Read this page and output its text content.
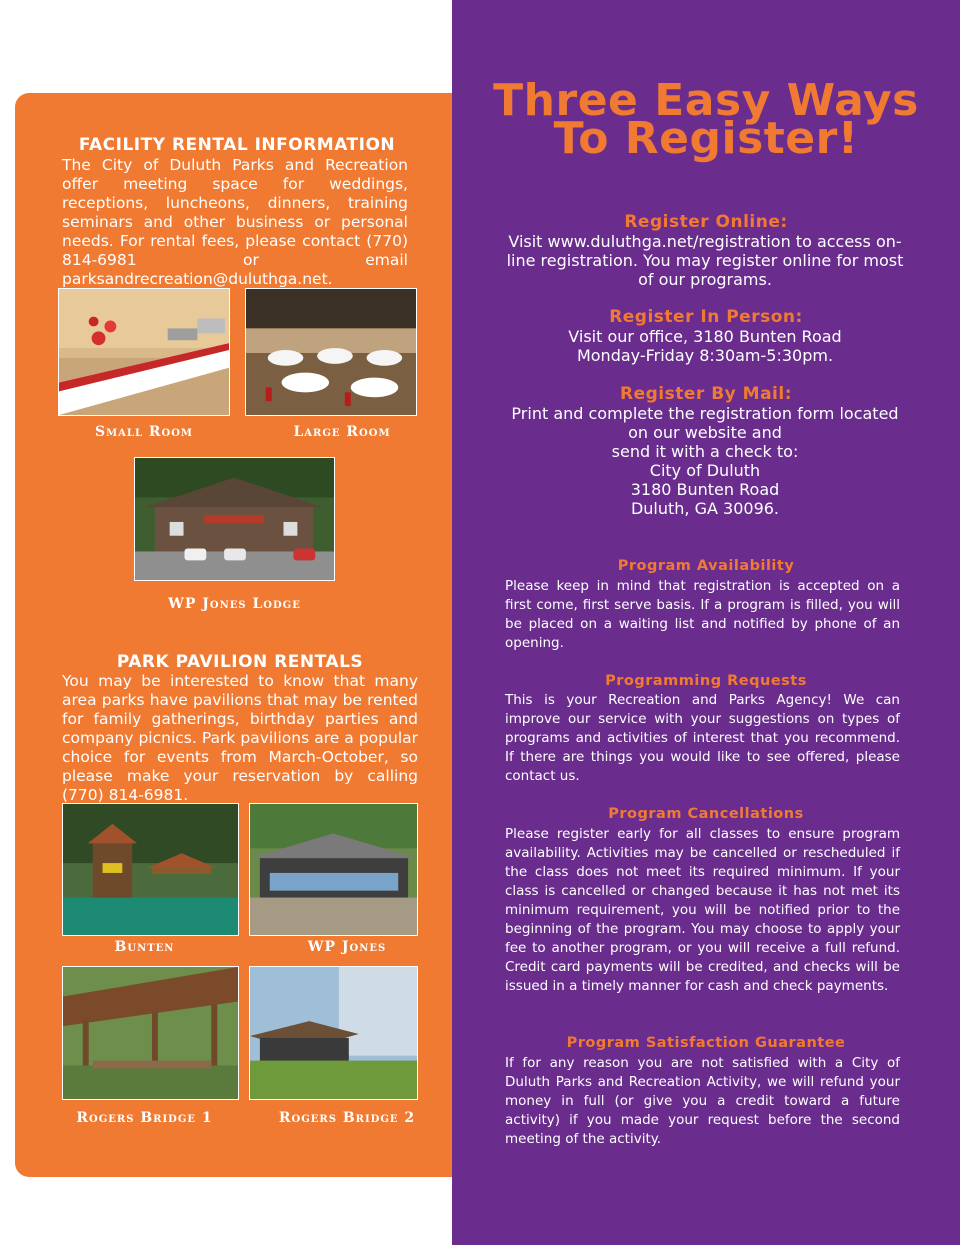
FACILITY RENTAL INFORMATION
The City of Duluth Parks and Recreation offer meeting space for weddings, receptions, luncheons, dinners, training seminars and other business or personal needs. For rental fees, please contact (770) 814-6981 or email parksandrecreation@duluthga.net.
Small Room	Large Room
WP Jones Lodge
PARK PAVILION RENTALS
You may be interested to know that many area parks have pavilions that may be rented for family gatherings, birthday parties and company picnics. Park pavilions are a popular choice for events from March-October, so please make your reservation by calling (770) 814-6981.
Bunten	WP Jones
Rogers Bridge 1	Rogers Bridge 2
Three Easy Ways
To Register!
Register Online:
Visit www.duluthga.net/registration to access on-
line registration. You may register online for most
of our programs.
Register In Person:
Visit our office, 3180 Bunten Road
Monday-Friday 8:30am-5:30pm.
Register By Mail:
Print and complete the registration form located
on our website and
send it with a check to:
City of Duluth
3180 Bunten Road
Duluth, GA 30096.
Program Availability
Please keep in mind that registration is accepted on a first come, first serve basis. If a program is filled, you will be placed on a waiting list and notified by phone of an opening.
Programming Requests
This is your Recreation and Parks Agency! We can improve our service with your suggestions on types of programs and activities of interest that you recommend. If there are things you would like to see offered, please contact us.
Program Cancellations
Please register early for all classes to ensure program availability. Activities may be cancelled or rescheduled if the class does not meet its required minimum. If your class is cancelled or changed because it has not met its minimum requirement, you will be notified prior to the beginning of the program. You may choose to apply your fee to another program, or you will receive a full refund. Credit card payments will be credited, and checks will be issued in a timely manner for cash and check payments.
Program Satisfaction Guarantee
If for any reason you are not satisfied with a City of Duluth Parks and Recreation Activity, we will refund your money in full (or give you a credit toward a future activity) if you made your request before the second meeting of the activity.
